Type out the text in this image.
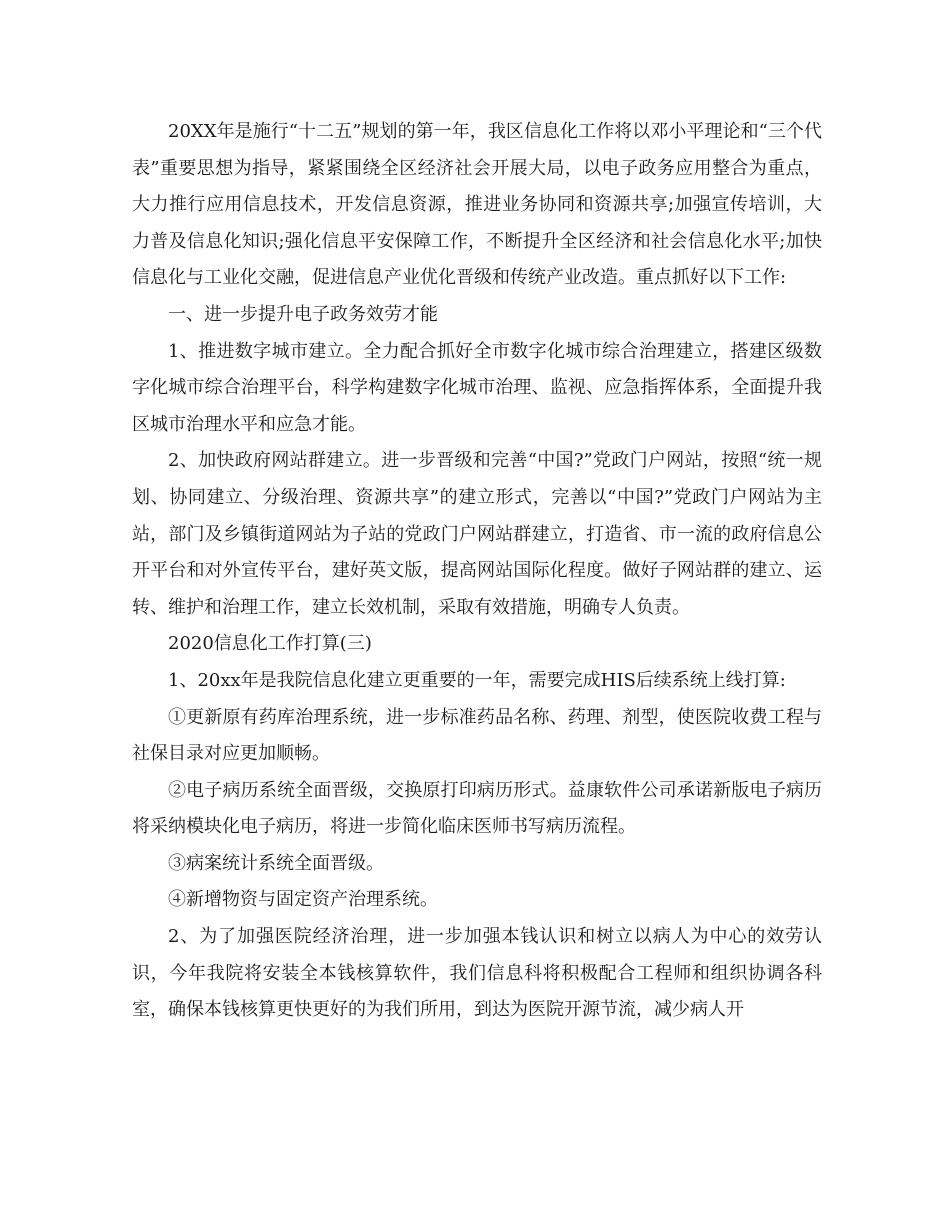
20XX年是施行“十二五”规划的第一年，我区信息化工作将以邓小平理论和“三个代表”重要思想为指导，紧紧围绕全区经济社会开展大局，以电子政务应用整合为重点，大力推行应用信息技术，开发信息资源，推进业务协同和资源共享;加强宣传培训，大力普及信息化知识;强化信息平安保障工作，不断提升全区经济和社会信息化水平;加快信息化与工业化交融，促进信息产业优化晋级和传统产业改造。重点抓好以下工作:

一、进一步提升电子政务效劳才能

1、推进数字城市建立。全力配合抓好全市数字化城市综合治理建立，搭建区级数字化城市综合治理平台，科学构建数字化城市治理、监视、应急指挥体系，全面提升我区城市治理水平和应急才能。

2、加快政府网站群建立。进一步晋级和完善“中国?”党政门户网站，按照“统一规划、协同建立、分级治理、资源共享”的建立形式，完善以“中国?”党政门户网站为主站，部门及乡镇街道网站为子站的党政门户网站群建立，打造省、市一流的政府信息公开平台和对外宣传平台，建好英文版，提高网站国际化程度。做好子网站群的建立、运转、维护和治理工作，建立长效机制，采取有效措施，明确专人负责。

2020信息化工作打算(三)

1、20xx年是我院信息化建立更重要的一年，需要完成HIS后续系统上线打算:

①更新原有药库治理系统，进一步标准药品名称、药理、剂型，使医院收费工程与社保目录对应更加顺畅。

②电子病历系统全面晋级，交换原打印病历形式。益康软件公司承诺新版电子病历将采纳模块化电子病历，将进一步简化临床医师书写病历流程。

③病案统计系统全面晋级。

④新增物资与固定资产治理系统。

2、为了加强医院经济治理，进一步加强本钱认识和树立以病人为中心的效劳认识，今年我院将安装全本钱核算软件，我们信息科将积极配合工程师和组织协调各科室，确保本钱核算更快更好的为我们所用，到达为医院开源节流，减少病人开
